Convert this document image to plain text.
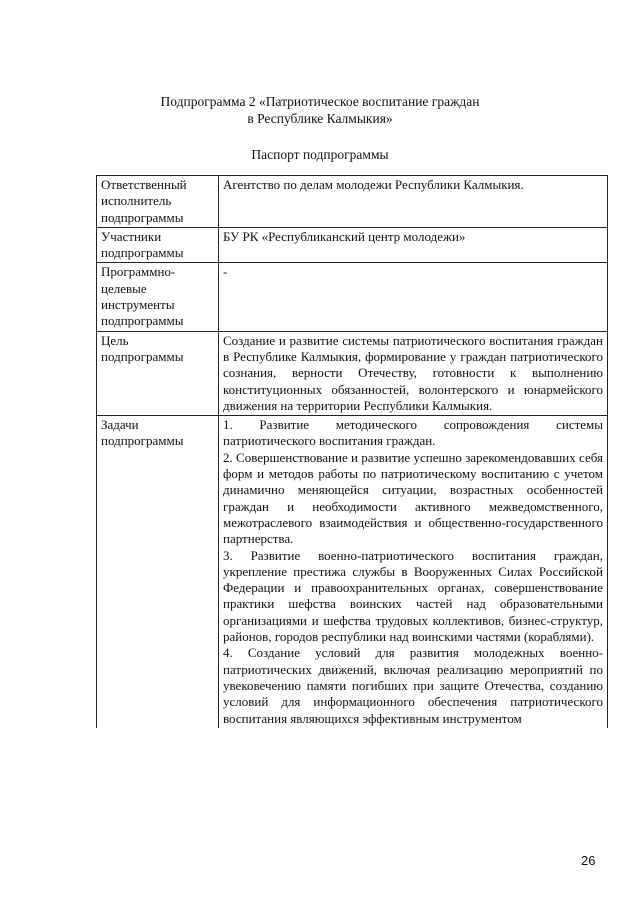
Подпрограмма 2 «Патриотическое воспитание граждан
в Республике Калмыкия»
Паспорт подпрограммы
Ответственный исполнитель подпрограммы	Агентство по делам молодежи Республики Калмыкия.
Участники подпрограммы	БУ РК «Республиканский центр молодежи»
Программно-целевые инструменты подпрограммы	-
Цель подпрограммы	Создание и развитие системы патриотического воспитания граждан в Республике Калмыкия, формирование у граждан патриотического сознания, верности Отечеству, готовности к выполнению конституционных обязанностей, волонтерского и юнармейского движения на территории Республики Калмыкия.
Задачи подпрограммы	1. Развитие методического сопровождения системы патриотического воспитания граждан.

2. Совершенствование и развитие успешно зарекомендовавших себя форм и методов работы по патриотическому воспитанию с учетом динамично меняющейся ситуации, возрастных особенностей граждан и необходимости активного межведомственного, межотраслевого взаимодействия и общественно-государственного партнерства.

3. Развитие военно-патриотического воспитания граждан, укрепление престижа службы в Вооруженных Силах Российской Федерации и правоохранительных органах, совершенствование практики шефства воинских частей над образовательными организациями и шефства трудовых коллективов, бизнес-структур, районов, городов республики над воинскими частями (кораблями).

4. Создание условий для развития молодежных военно-патриотических движений, включая реализацию мероприятий по увековечению памяти погибших при защите Отечества, созданию условий для информационного обеспечения патриотического воспитания являющихся эффективным инструментом

26
